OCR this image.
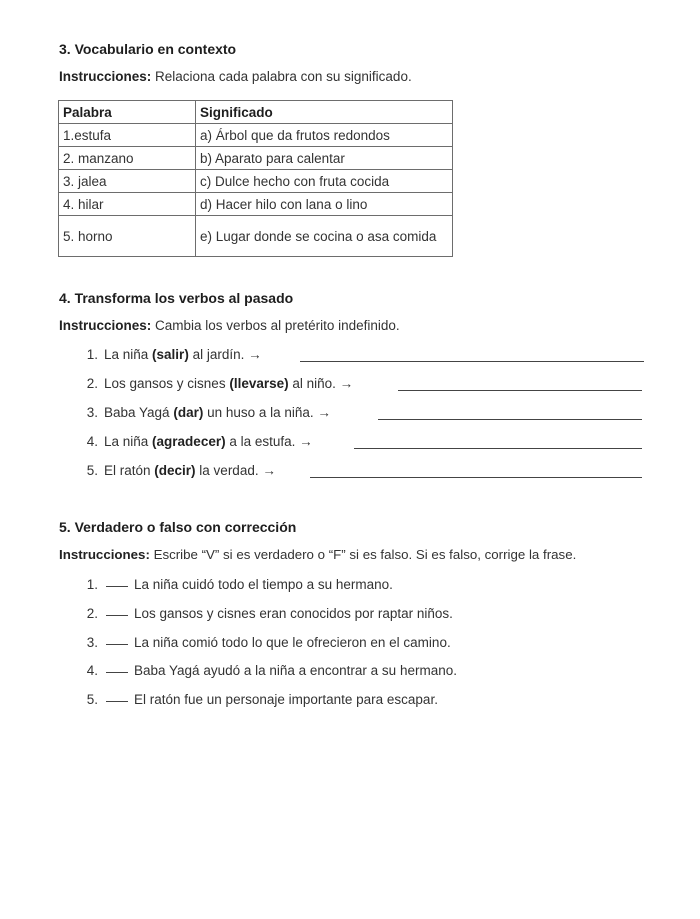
3. Vocabulario en contexto
Instrucciones: Relaciona cada palabra con su significado.
Palabra	Significado
1.estufa	a) Árbol que da frutos redondos
2. manzano	b) Aparato para calentar
3. jalea	c) Dulce hecho con fruta cocida
4. hilar	d) Hacer hilo con lana o lino
5. horno	e) Lugar donde se cocina o asa comida
4. Transforma los verbos al pasado
Instrucciones: Cambia los verbos al pretérito indefinido.
1. La niña (salir) al jardín. →
2. Los gansos y cisnes (llevarse) al niño. →
3. Baba Yagá (dar) un huso a la niña. →
4. La niña (agradecer) a la estufa. →
5. El ratón (decir) la verdad. →
5. Verdadero o falso con corrección
Instrucciones: Escribe “V” si es verdadero o “F” si es falso. Si es falso, corrige la frase.
1.	La niña cuidó todo el tiempo a su hermano.
2.	Los gansos y cisnes eran conocidos por raptar niños.
3.	La niña comió todo lo que le ofrecieron en el camino.
4.	Baba Yagá ayudó a la niña a encontrar a su hermano.
5.	El ratón fue un personaje importante para escapar.
